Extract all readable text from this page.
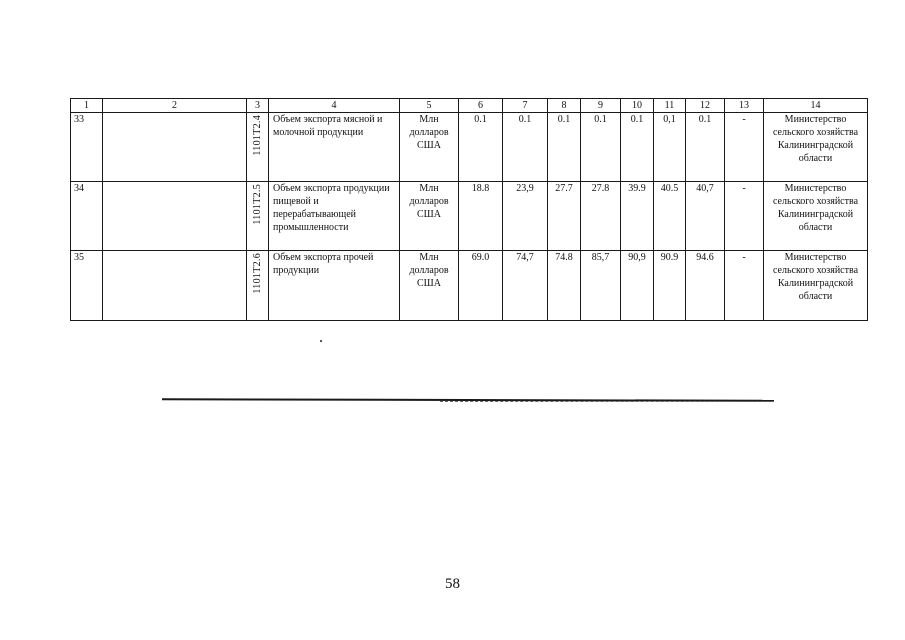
1	2	3	4	5	6	7	8	9	10	11	12	13	14
33		1101Т2.4	Объем экспорта мясной и молочной продукции	Млн долларов США	0.1	0.1	0.1	0.1	0.1	0,1	0.1	-	Министерство сельского хозяйства Калининградской области
34		1101Т2.5	Объем экспорта продукции пищевой и перерабатывающей промышленности	Млн долларов США	18.8	23,9	27.7	27.8	39.9	40.5	40,7	-	Министерство сельского хозяйства Калининградской области
35		1101Т2.6	Объем экспорта прочей продукции	Млн долларов США	69.0	74,7	74.8	85,7	90,9	90.9	94.6	-	Министерство сельского хозяйства Калининградской области
58
